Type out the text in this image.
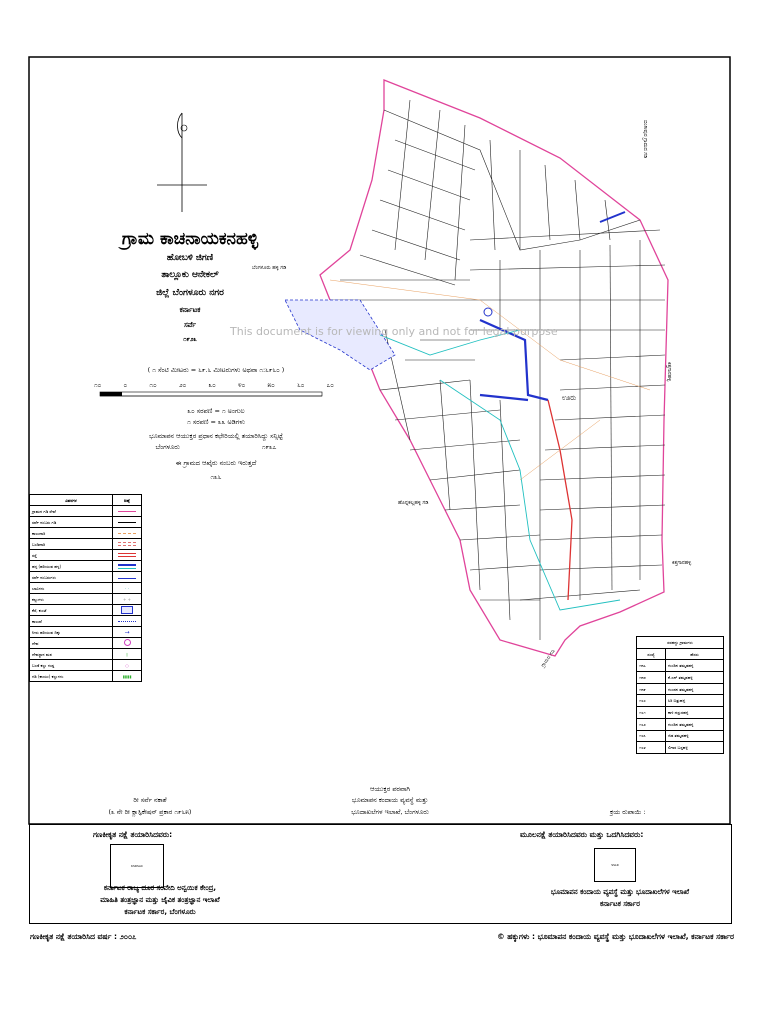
This document is for viewing only and not for legal purpose
ಗ್ರಾಮ ಕಾಚನಾಯಕನಹಳ್ಳಿ
ಹೋಬಳಿ ಜಿಗಣಿ
ತಾಲ್ಲೂಕು ಆನೇಕಲ್
ಜಿಲ್ಲೆ ಬೆಂಗಳೂರು ನಗರ
ಕರ್ನಾಟಕ
ಸರ್ವೆ
೧೯೨೩
( ೧ ಸೆಂಟಿ ಮೀಟರು = ೬೯.೬ ಮೀಟರುಗಳು ಅಥವಾ ೧:೬೯೬೦ )
೧೦	೦	೧೦	೨೦	೩೦	೪೦	೫೦	೬೦	೭೦
೩೦ ಸರಪಣಿ = ೧ ಅಂಗುಲ
೧ ಸರಪಣಿ = ೩೩ ಅಡಿಗಳು
ಭೂಮಾಪನ ಆಯುಕ್ತರ ಪ್ರಧಾನ ಕಛೇರಿಯಲ್ಲಿ ತಯಾರಿಸಿದ್ದು ಸನ್ಸಿಟ್ಟೆ
ಬೆಂಗಳೂರು	೧೯೩೭
ಈ ಗ್ರಾಮದ ಆಖೈರು ನಂಬರು ಇರುತ್ತದೆ
೧೩೬
ಬೆಂಗಳೂರು ಹಳ್ಳಿ ಗಡಿ
ಬಿಂಗೀಪುರ ಗ್ರಾಮದ ಗಡಿ
ಕಿತ್ತಗಾನಹಳ್ಳಿ
ಕಿತ್ತಗಾನಹಳ್ಳಿ
ಊರು
ಹೊನ್ನಕಲ್ಲಹಳ್ಳಿ ಗಡಿ
ಗ್ರಾಮದ ಗಡಿ
ವಿವರಗಳ	ಚಿಹ್ನೆ
ಗ್ರಾಮದ ಗಡಿ ರೇಖೆ	

ಸರ್ವೆ ನಂಬರು ಗಡಿ	

ಕಾಲುದಾರಿ	

ಬಂಡಿದಾರಿ	

ರಸ್ತೆ	

ಹಳ್ಳ (ಹರಿಯುವ ಹಳ್ಳ)	

ಸರ್ವೆ ನಂಬರುಗಳು	

ಬಾವಿಗಳು	· ·
ಕಲ್ಲುಗಳು	+ +
ಕೆರೆ, ಕುಂಟೆ	
ಕಾಲುವೆ	

ನೀರು ಹರಿಯುವ ದಿಕ್ಕು	→
ದೇವ	
ದೇವಸ್ಥಾನ ಮಠ	◊
ಬಂಡೆ ಕಲ್ಲು ಗುಡ್ಡ	○
ಗಡಿ (ಕಾಯಂ) ಕಲ್ಲುಗಳು	▮▮▮▮
ಸರಹದ್ದು ಗ್ರಾಮಗಳು	
ಸಂಖ್ಯೆ	ಹೆಸರು
೧೫೭	ಗುಂಡಿನ ತಮ್ಮಡಹಳ್ಳಿ
೧೫೮	ಕೆ.ಎನ್ ತಮ್ಮಡಹಳ್ಳಿ
೧೫೯	ಗುಂಡನ ತಮ್ಮಡಹಳ್ಳಿ
೧೬೦	ಸಿರಿ ಬಿತ್ತುಹಳ್ಳಿ
೧೬೧	ಕಾಳಿ ದಸ್ತುರಹಳ್ಳಿ
೧೬೨	ಗುಂಡಿನ ತಮ್ಮಡಹಳ್ಳಿ
೧೬೩	ಜಿಡ ತಮ್ಮಡಹಳ್ಳಿ
೧೬೪	ಲಿಗಾರ ಬಸ್ತಹಳ್ಳಿ
ರೀ ಸರ್ವೆ ನಕಾಶೆ
(೩ ನೇ ರೀ ಕ್ಲಾಸ್ಫಿಕೇಷನ್ ಪ್ರಕಾರ ೧೯೬೫)
ಆಯುಕ್ತರ ಪರವಾಗಿ
ಭೂಮಾಪನ ಕಂದಾಯ ವ್ಯವಸ್ಥೆ ಮತ್ತು
ಭೂದಾಖಲೆಗಳ ಇಲಾಖೆ, ಬೆಂಗಳೂರು	ಕ್ರಯ ರುಪಾಯಿ :
ಗಣಕೀಕೃತ ನಕ್ಷೆ ತಯಾರಿಸಿದವರು:
KSRSAC
ಕರ್ನಾಟಕ ರಾಜ್ಯ ದೂರ ಸಂವೇದಿ ಅನ್ವಯಿಕ ಕೇಂದ್ರ,
ಮಾಹಿತಿ ತಂತ್ರಜ್ಞಾನ ಮತ್ತು ಜೈವಿಕ ತಂತ್ರಜ್ಞಾನ ಇಲಾಖೆ
ಕರ್ನಾಟಕ ಸರ್ಕಾರ, ಬೆಂಗಳೂರು
ಮೂಲನಕ್ಷೆ ತಯಾರಿಸಿದವರು ಮತ್ತು ಒದಗಿಸಿದವರು:
SSLR
ಭೂಮಾಪನ ಕಂದಾಯ ವ್ಯವಸ್ಥೆ ಮತ್ತು ಭೂದಾಖಲೆಗಳ ಇಲಾಖೆ
ಕರ್ನಾಟಕ ಸರ್ಕಾರ
ಗಣಕೀಕೃತ ನಕ್ಷೆ ತಯಾರಿಸಿದ ವರ್ಷ : ೨೦೦೭	© ಹಕ್ಕುಗಳು : ಭೂಮಾಪನ ಕಂದಾಯ ವ್ಯವಸ್ಥೆ ಮತ್ತು ಭೂದಾಖಲೆಗಳ ಇಲಾಖೆ, ಕರ್ನಾಟಕ ಸರ್ಕಾರ
